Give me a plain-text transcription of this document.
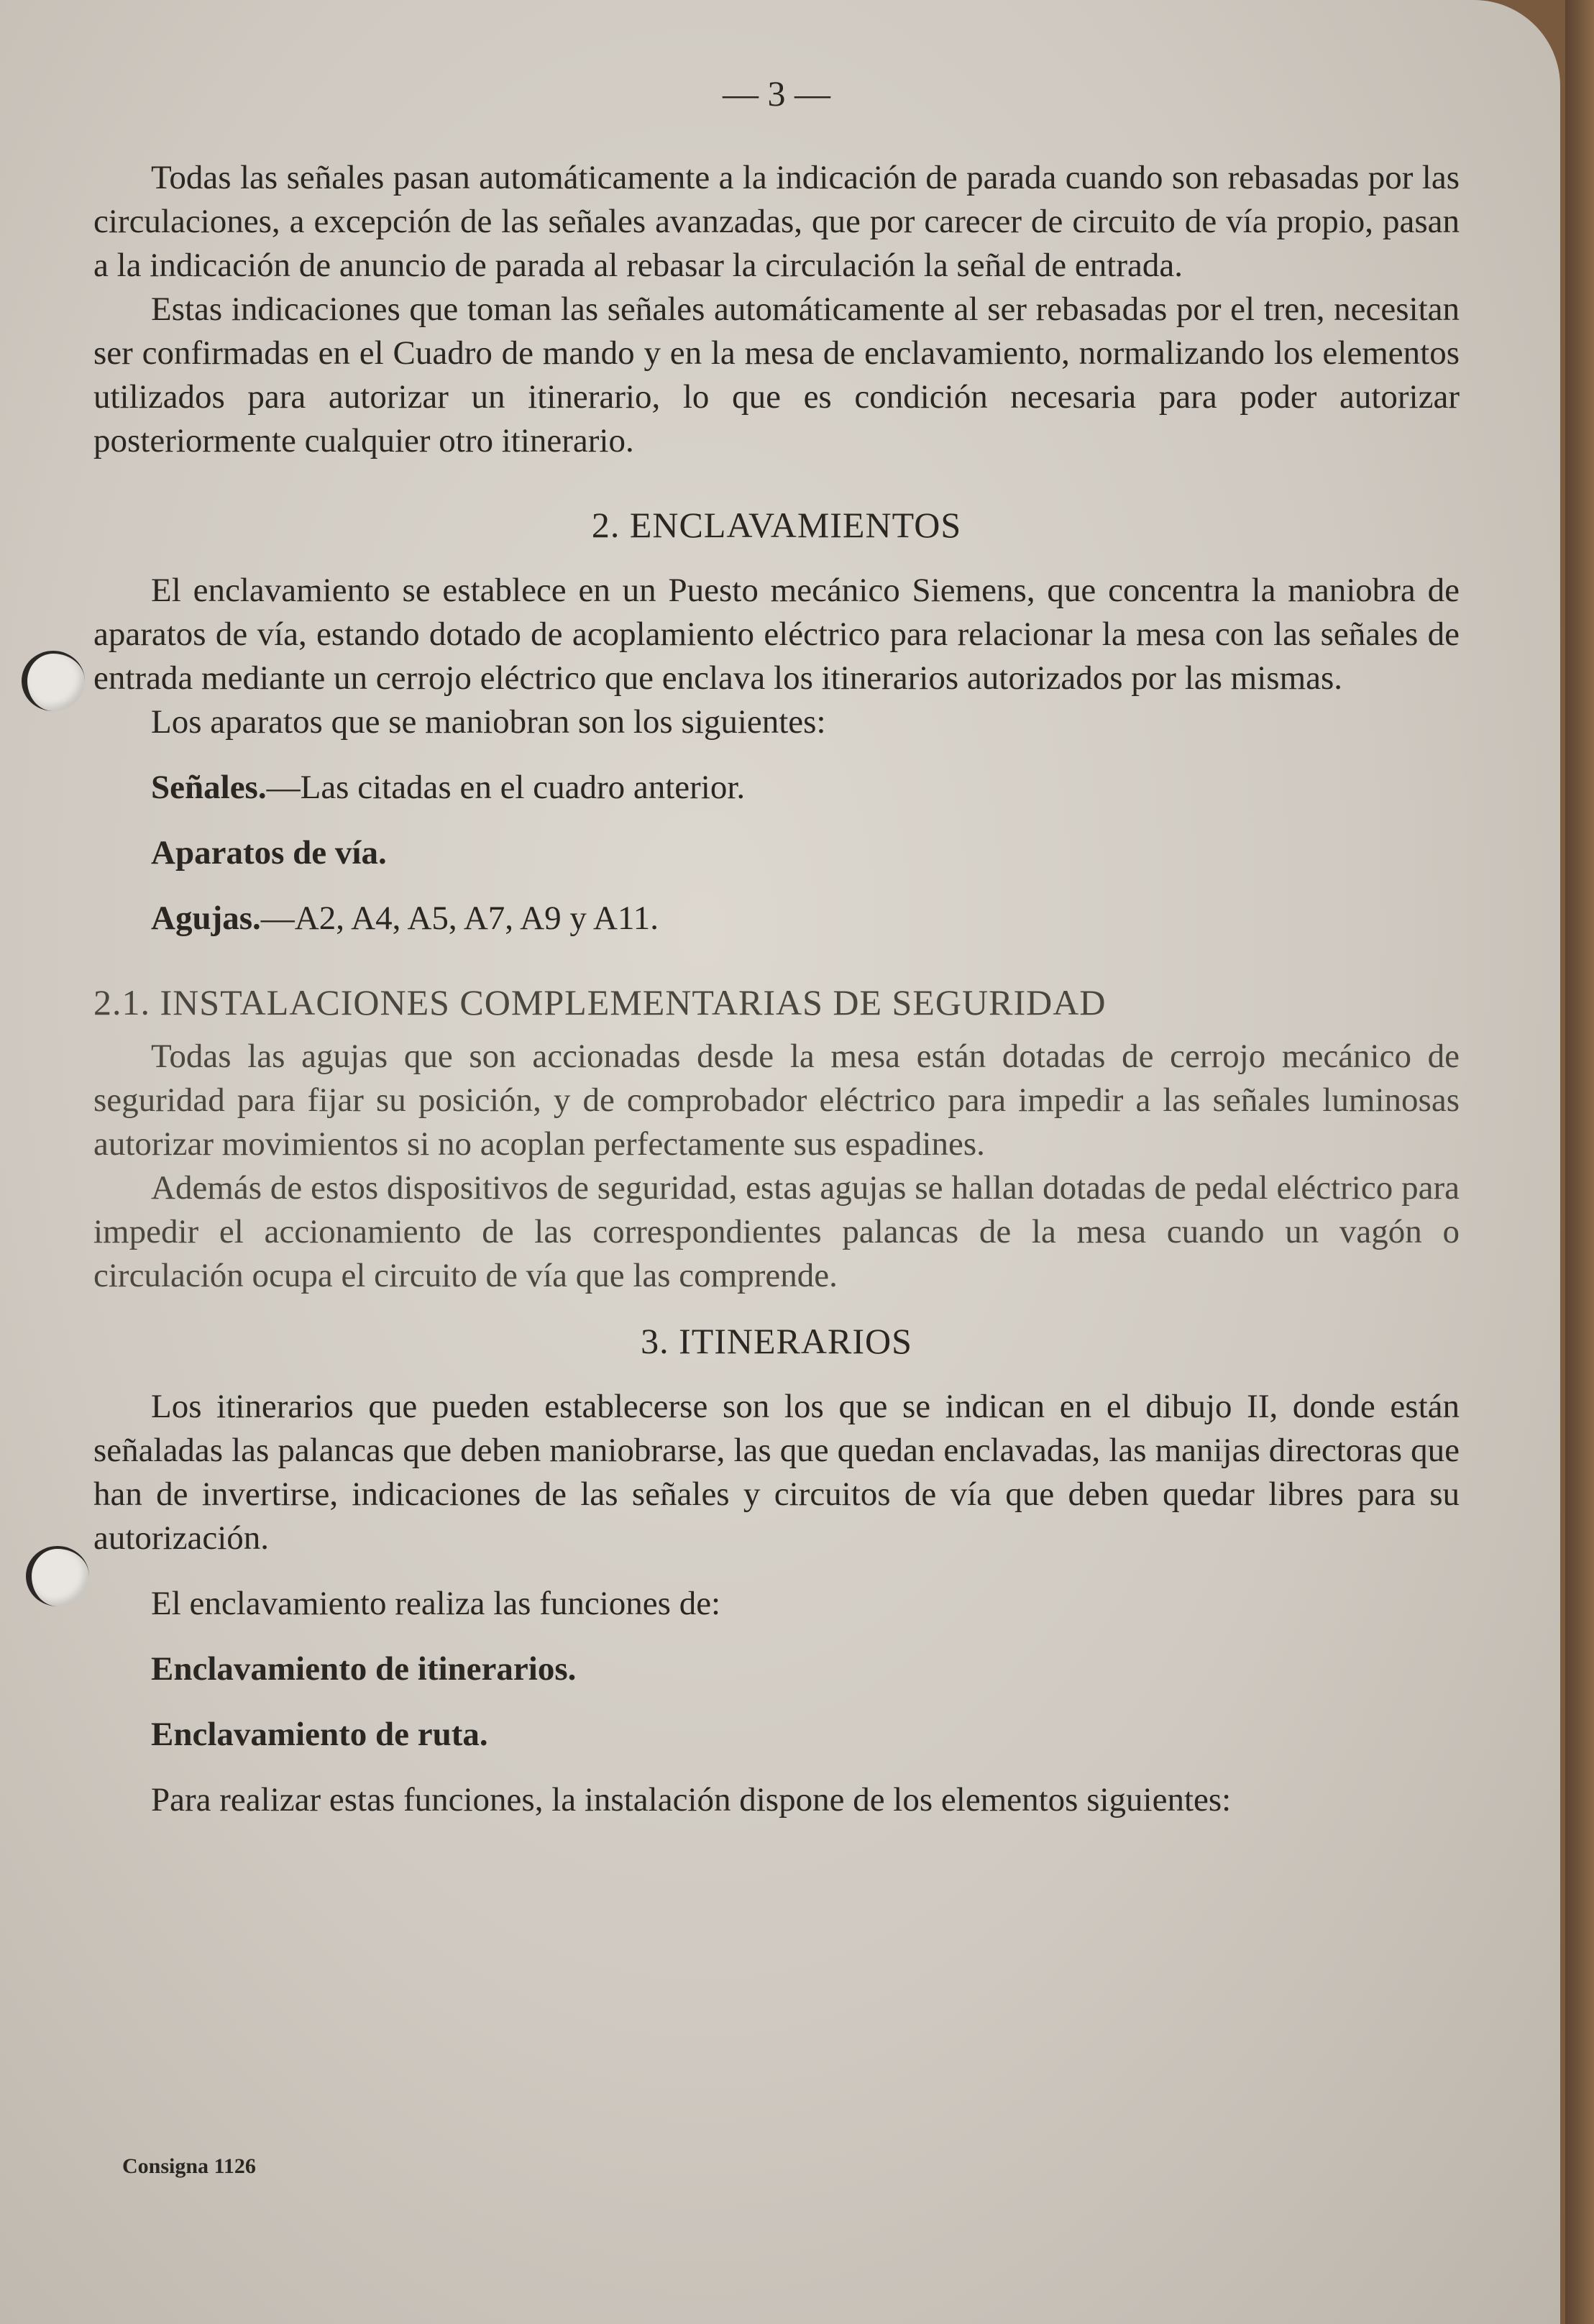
— 3 —

Todas las señales pasan automáticamente a la indicación de parada cuando son rebasadas por las circulaciones, a excepción de las señales avanzadas, que por carecer de circuito de vía propio, pasan a la indicación de anuncio de parada al rebasar la circulación la señal de entrada.

Estas indicaciones que toman las señales automáticamente al ser rebasadas por el tren, necesitan ser confirmadas en el Cuadro de mando y en la mesa de enclavamiento, normalizando los elementos utilizados para autorizar un itinerario, lo que es condición necesaria para poder autorizar posteriormente cualquier otro itinerario.

2. ENCLAVAMIENTOS

El enclavamiento se establece en un Puesto mecánico Siemens, que concentra la maniobra de aparatos de vía, estando dotado de acoplamiento eléctrico para relacionar la mesa con las señales de entrada mediante un cerrojo eléctrico que enclava los itinerarios autorizados por las mismas.

Los aparatos que se maniobran son los siguientes:

Señales.—Las citadas en el cuadro anterior.

Aparatos de vía.

Agujas.—A2, A4, A5, A7, A9 y A11.

2.1. INSTALACIONES COMPLEMENTARIAS DE SEGURIDAD

Todas las agujas que son accionadas desde la mesa están dotadas de cerrojo mecánico de seguridad para fijar su posición, y de comprobador eléctrico para impedir a las señales luminosas autorizar movimientos si no acoplan perfectamente sus espadines.

Además de estos dispositivos de seguridad, estas agujas se hallan dotadas de pedal eléctrico para impedir el accionamiento de las correspondientes palancas de la mesa cuando un vagón o circulación ocupa el circuito de vía que las comprende.

3. ITINERARIOS

Los itinerarios que pueden establecerse son los que se indican en el dibujo II, donde están señaladas las palancas que deben maniobrarse, las que quedan enclavadas, las manijas directoras que han de invertirse, indicaciones de las señales y circuitos de vía que deben quedar libres para su autorización.

El enclavamiento realiza las funciones de:

Enclavamiento de itinerarios.

Enclavamiento de ruta.

Para realizar estas funciones, la instalación dispone de los elementos siguientes:

Consigna 1126
